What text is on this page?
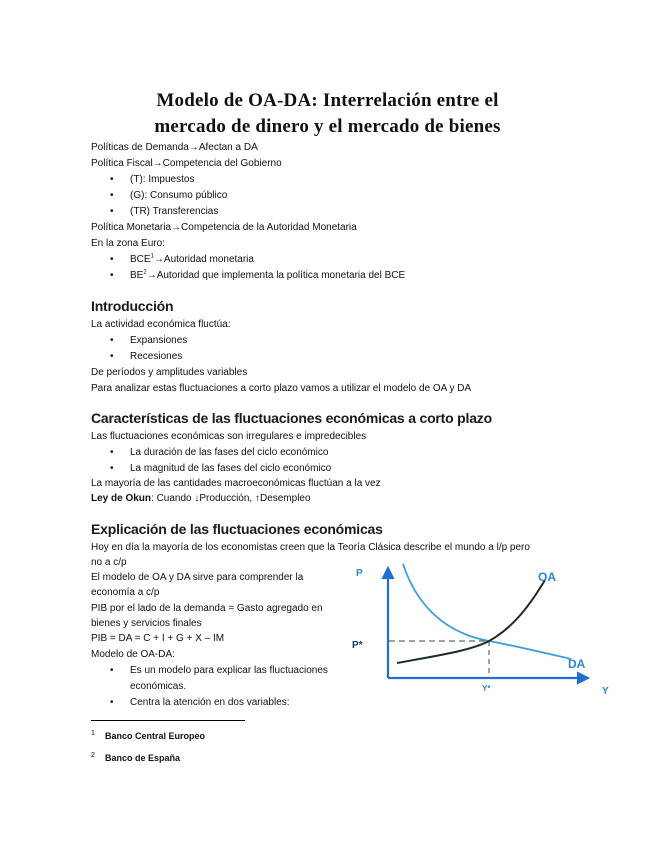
Modelo de OA-DA: Interrelación entre el
mercado de dinero y el mercado de bienes
Políticas de Demanda→Afectan a DA
Política Fiscal→Competencia del Gobierno
• (T): Impuestos
• (G): Consumo público
• (TR) Transferencias
Política Monetaria→Competencia de la Autoridad Monetaria
En la zona Euro:
• $BCE^1\to Autoridad$ monetaria
• $BE^2\to Autoridad$ que implementa la política monetaria del BCE
Introducción
La actividad económica fluctúa:
• Expansiones
• Recesiones
De períodos y amplitudes variables
Para analizar estas fluctuaciones a corto plazo vamos a utilizar el modelo de OA y DA
Características de las fluctuaciones económicas a corto plazo
Las fluctuaciones económicas son irregulares e impredecibles
• La duración de las fases del ciclo económico
• La magnitud de las fases del ciclo económico
La mayoría de las cantidades macroeconómicas fluctúan a la vez
Ley de Okun: Cuando ↓Producción, ↑Desempleo
Explicación de las fluctuaciones económicas
Hoy en día la mayoría de los economistas creen que la Teoría Clásica describe el mundo a l/p pero
no a c/p
El modelo de OA y DA sirve para comprender la
economía a c/p
PIB por el lado de la demanda = Gasto agregado en
bienes y servicios finales
PIB = DA = C + I + G + X – IM
Modelo de OA-DA:
• Es un modelo para explicar las fluctuaciones
económicas.
• Centra la atención en dos variables:
P
Y
P*
Y*
OA
DA
1 Banco Central Europeo
2 Banco de España
